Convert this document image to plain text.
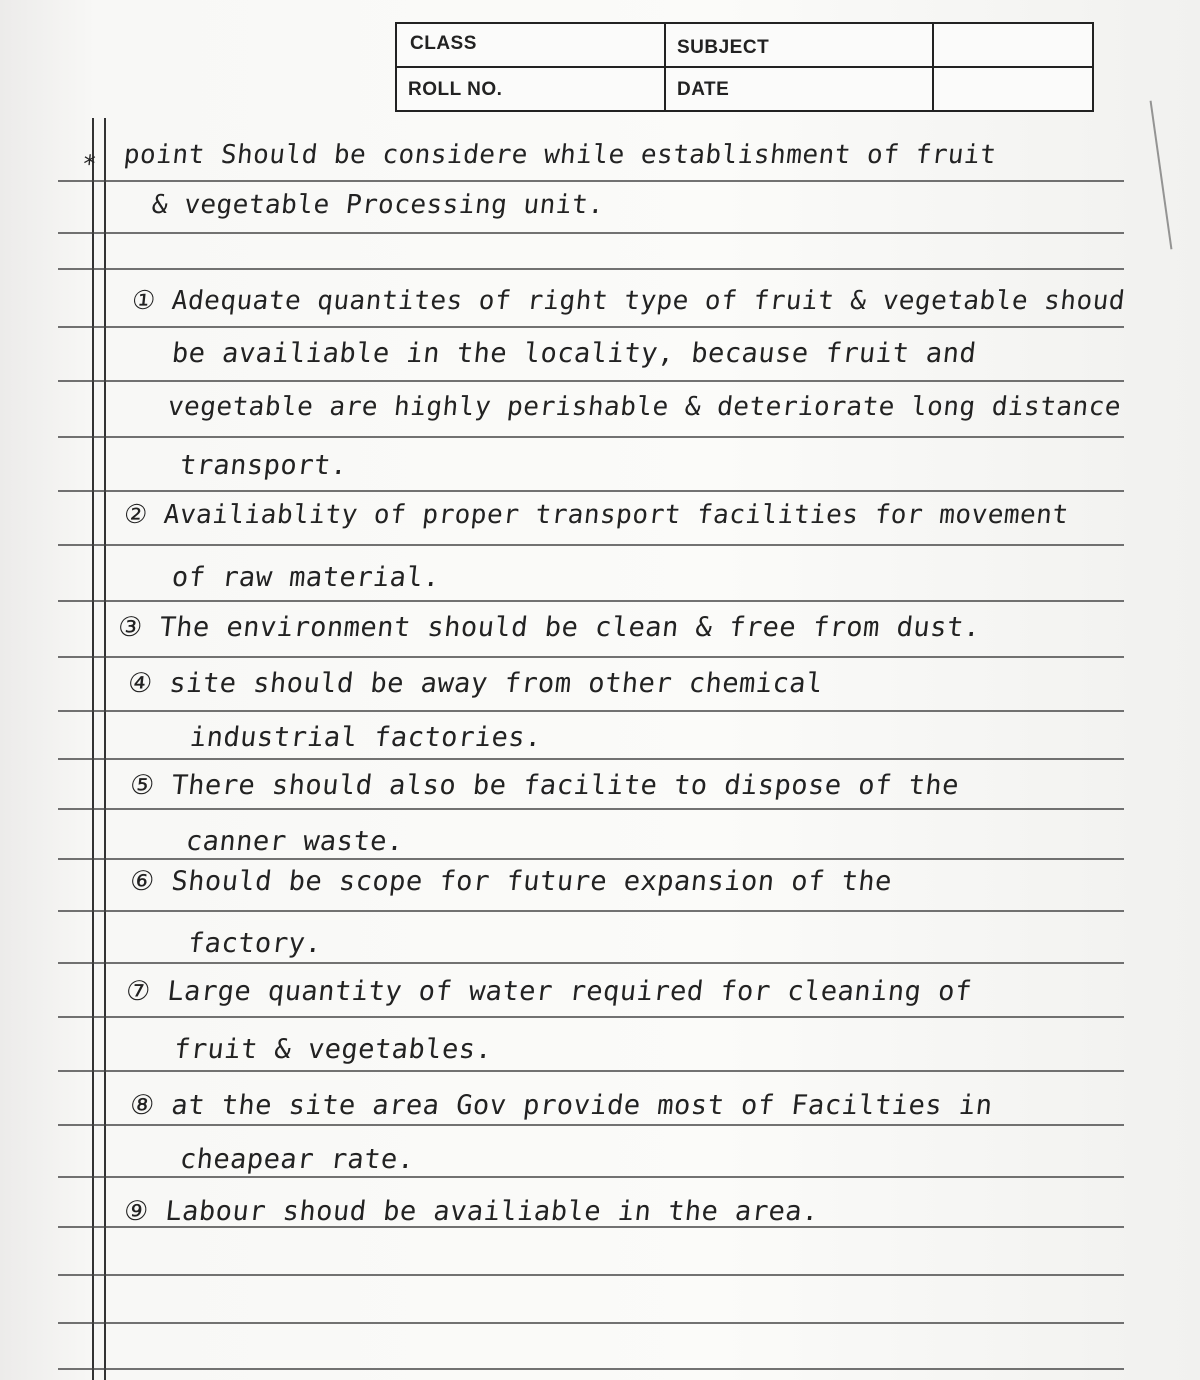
CLASS	SUBJECT
ROLL NO.	DATE
* point Should be considere while establishment of fruit
& vegetable Processing unit.
① Adequate quantites of right type of fruit & vegetable shoud
be availiable in the locality, because fruit and
vegetable are highly perishable & deteriorate long distance
transport.
② Availiablity of proper transport facilities for movement
of raw material.
③ The environment should be clean & free from dust.
④ site should be away from other chemical
industrial factories.
⑤ There should also be facilite to dispose of the
canner waste.
⑥ Should be scope for future expansion of the
factory.
⑦ Large quantity of water required for cleaning of
fruit & vegetables.
⑧ at the site area Gov provide most of Facilties in
cheapear rate.
⑨ Labour shoud be availiable in the area.
